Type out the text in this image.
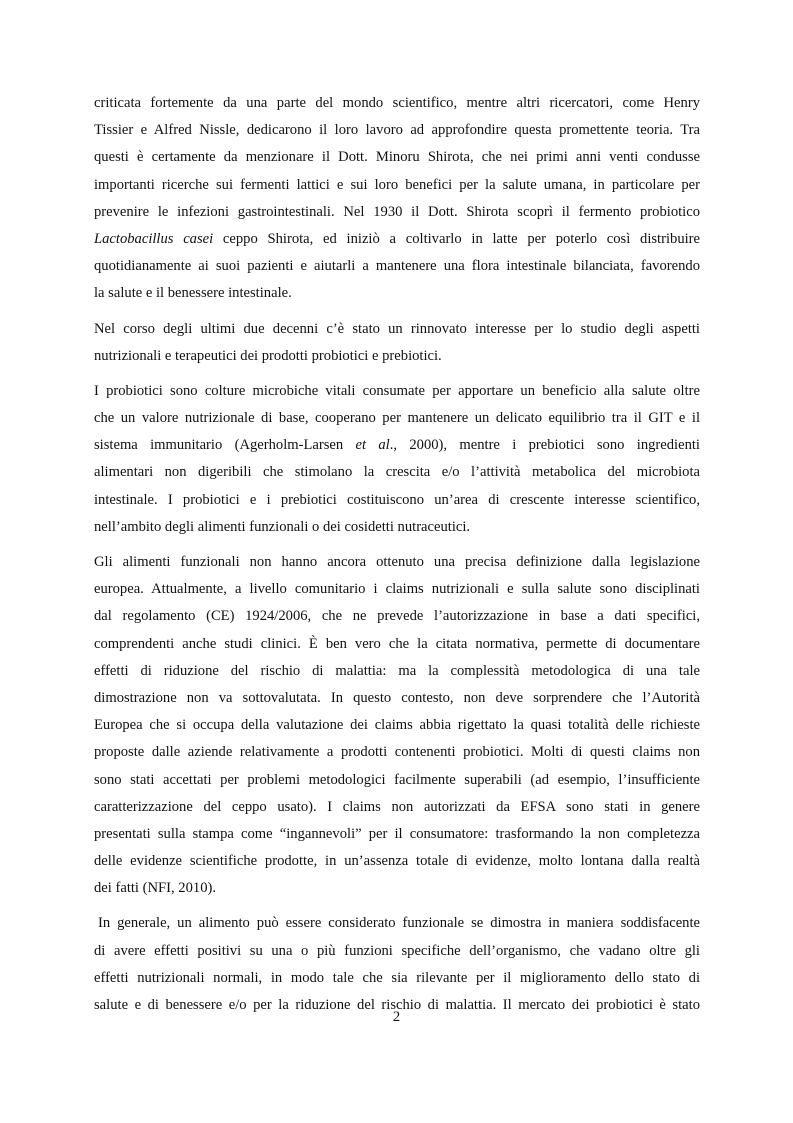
criticata fortemente da una parte del mondo scientifico, mentre altri ricercatori, come Henry
Tissier e Alfred Nissle, dedicarono il loro lavoro ad approfondire questa promettente teoria. Tra
questi è certamente da menzionare il Dott. Minoru Shirota, che nei primi anni venti condusse
importanti ricerche sui fermenti lattici e sui loro benefici per la salute umana, in particolare per
prevenire le infezioni gastrointestinali. Nel 1930 il Dott. Shirota scoprì il fermento probiotico
Lactobacillus casei ceppo Shirota, ed iniziò a coltivarlo in latte per poterlo così distribuire
quotidianamente ai suoi pazienti e aiutarli a mantenere una flora intestinale bilanciata, favorendo
la salute e il benessere intestinale.
Nel corso degli ultimi due decenni c’è stato un rinnovato interesse per lo studio degli aspetti
nutrizionali e terapeutici dei prodotti probiotici e prebiotici.
I probiotici sono colture microbiche vitali consumate per apportare un beneficio alla salute oltre
che un valore nutrizionale di base, cooperano per mantenere un delicato equilibrio tra il GIT e il
sistema immunitario (Agerholm-Larsen et al., 2000), mentre i prebiotici sono ingredienti
alimentari non digeribili che stimolano la crescita e/o l’attività metabolica del microbiota
intestinale. I probiotici e i prebiotici costituiscono un’area di crescente interesse scientifico,
nell’ambito degli alimenti funzionali o dei cosidetti nutraceutici.
Gli alimenti funzionali non hanno ancora ottenuto una precisa definizione dalla legislazione
europea. Attualmente, a livello comunitario i claims nutrizionali e sulla salute sono disciplinati
dal regolamento (CE) 1924/2006, che ne prevede l’autorizzazione in base a dati specifici,
comprendenti anche studi clinici. È ben vero che la citata normativa, permette di documentare
effetti di riduzione del rischio di malattia: ma la complessità metodologica di una tale
dimostrazione non va sottovalutata. In questo contesto, non deve sorprendere che l’Autorità
Europea che si occupa della valutazione dei claims abbia rigettato la quasi totalità delle richieste
proposte dalle aziende relativamente a prodotti contenenti probiotici. Molti di questi claims non
sono stati accettati per problemi metodologici facilmente superabili (ad esempio, l’insufficiente
caratterizzazione del ceppo usato). I claims non autorizzati da EFSA sono stati in genere
presentati sulla stampa come “ingannevoli” per il consumatore: trasformando la non completezza
delle evidenze scientifiche prodotte, in un’assenza totale di evidenze, molto lontana dalla realtà
dei fatti (NFI, 2010).
In generale, un alimento può essere considerato funzionale se dimostra in maniera soddisfacente
di avere effetti positivi su una o più funzioni specifiche dell’organismo, che vadano oltre gli
effetti nutrizionali normali, in modo tale che sia rilevante per il miglioramento dello stato di
salute e di benessere e/o per la riduzione del rischio di malattia. Il mercato dei probiotici è stato
2
